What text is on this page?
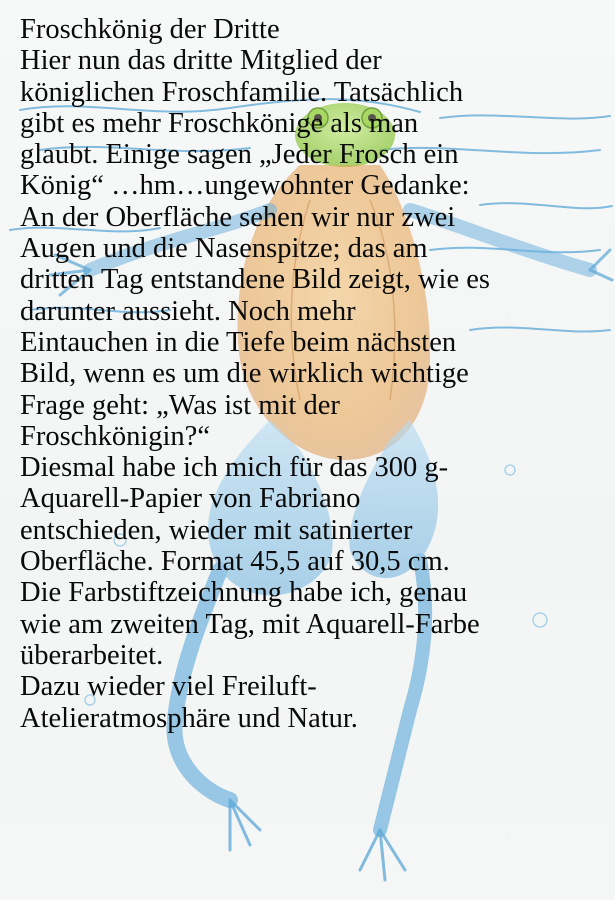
Froschkönig der Dritte
Hier nun das dritte Mitglied der
königlichen Froschfamilie. Tatsächlich
gibt es mehr Froschkönige als man
glaubt. Einige sagen „Jeder Frosch ein
König“ …hm…ungewohnter Gedanke:
An der Oberfläche sehen wir nur zwei
Augen und die Nasenspitze; das am
dritten Tag entstandene Bild zeigt, wie es
darunter aussieht. Noch mehr
Eintauchen in die Tiefe beim nächsten
Bild, wenn es um die wirklich wichtige
Frage geht: „Was ist mit der
Froschkönigin?“
Diesmal habe ich mich für das 300 g-
Aquarell-Papier von Fabriano
entschieden, wieder mit satinierter
Oberfläche. Format 45,5 auf 30,5 cm.
Die Farbstiftzeichnung habe ich, genau
wie am zweiten Tag, mit Aquarell-Farbe
überarbeitet.
Dazu wieder viel Freiluft-
Atelieratmosphäre und Natur.
